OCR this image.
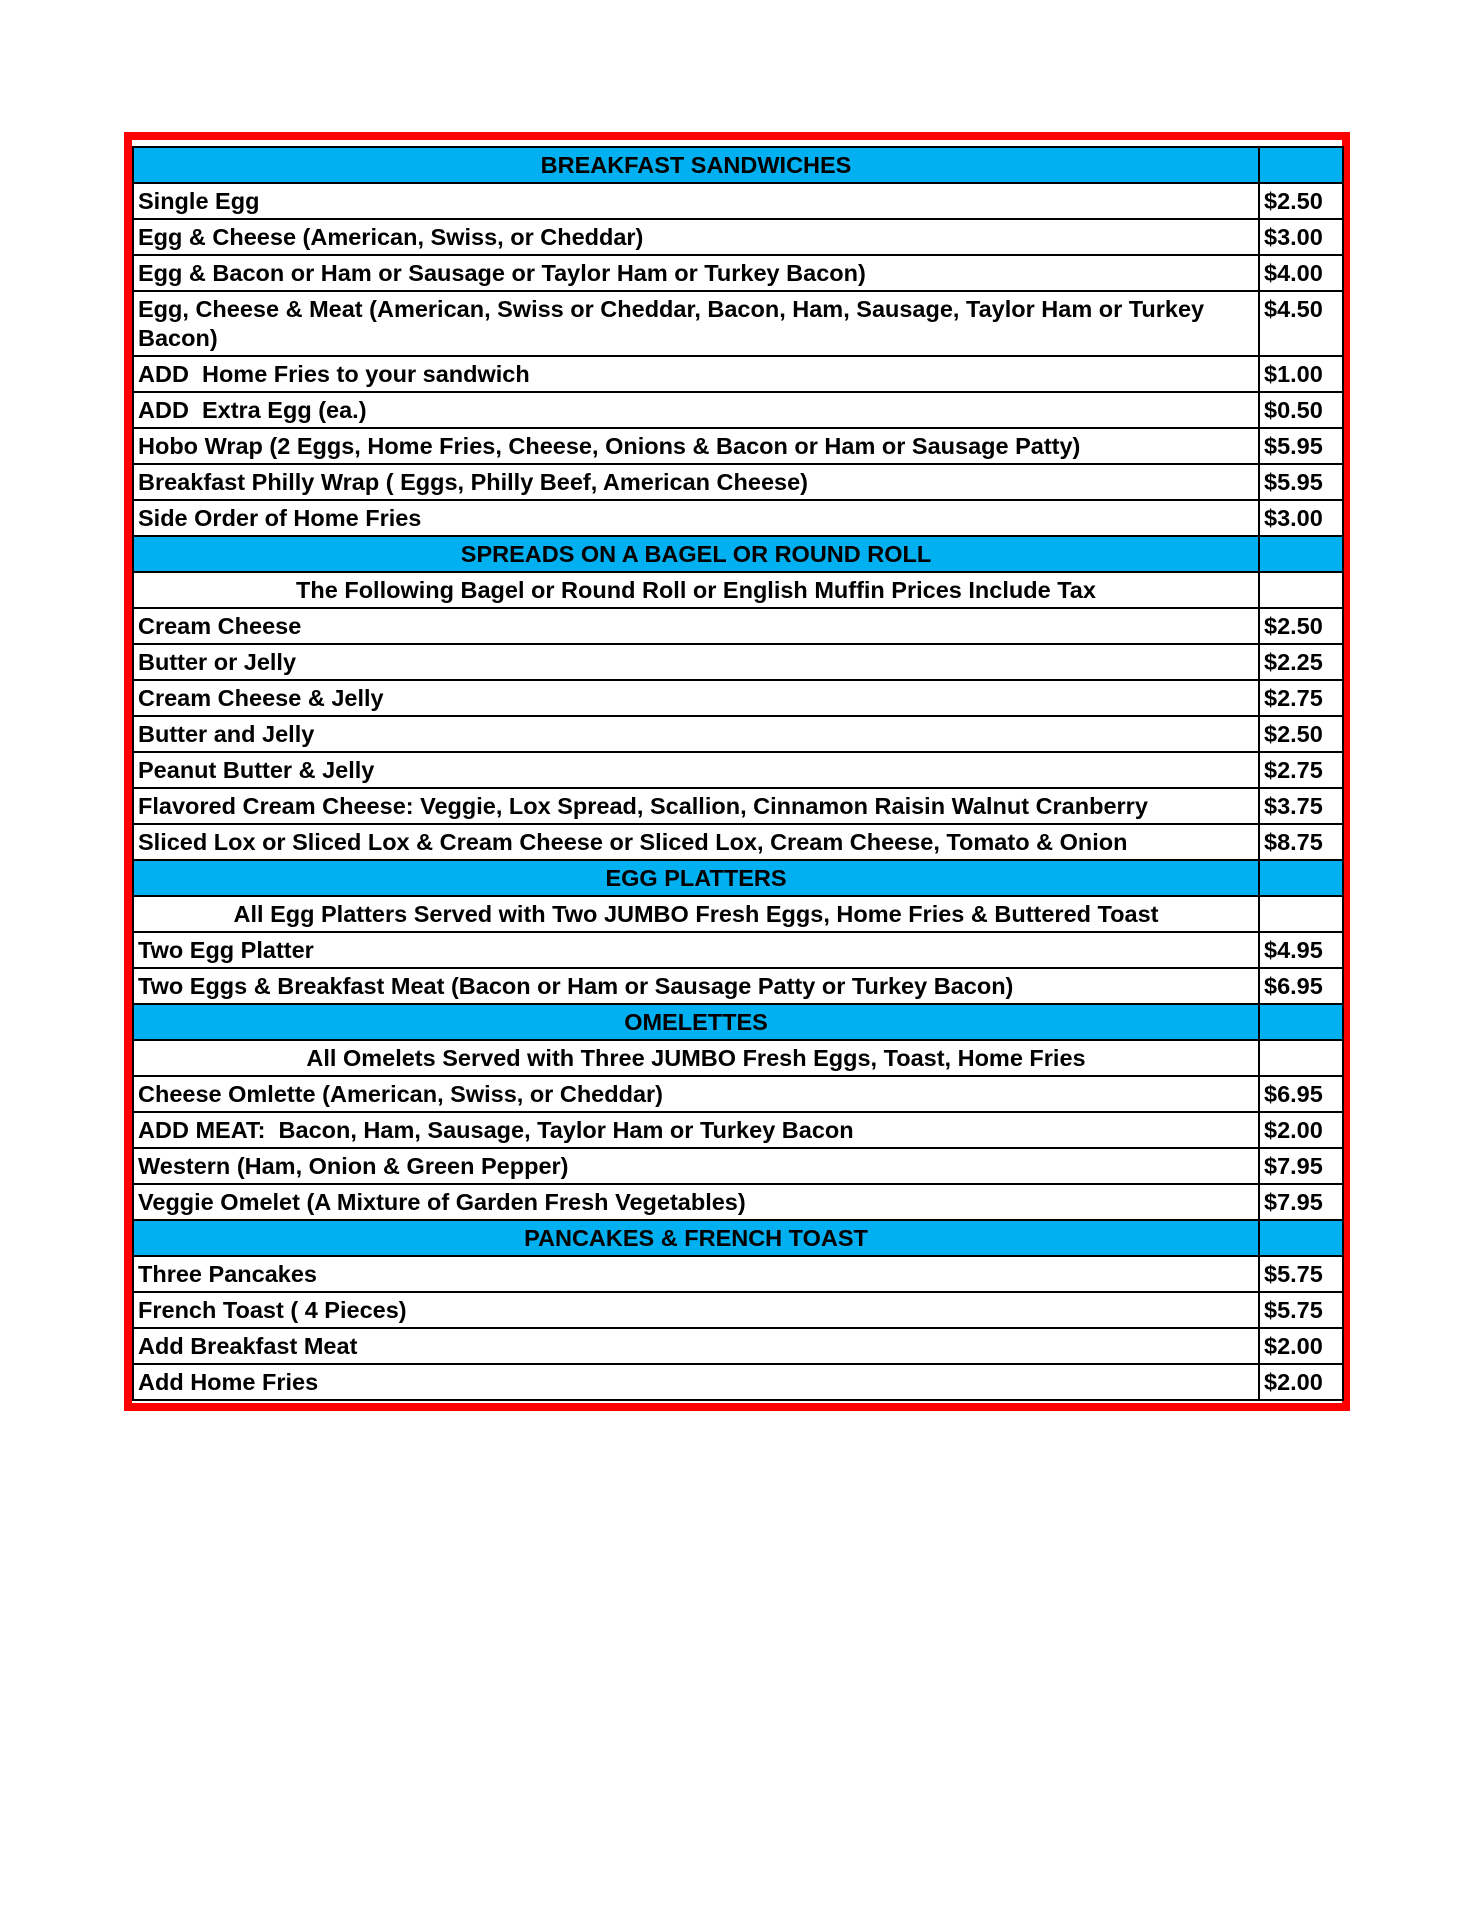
BREAKFAST SANDWICHES	
Single Egg	$2.50
Egg & Cheese (American, Swiss, or Cheddar)	$3.00
Egg & Bacon or Ham or Sausage or Taylor Ham or Turkey Bacon)	$4.00
Egg, Cheese & Meat (American, Swiss or Cheddar, Bacon, Ham, Sausage, Taylor Ham or Turkey Bacon)	$4.50
ADD  Home Fries to your sandwich	$1.00
ADD  Extra Egg (ea.)	$0.50
Hobo Wrap (2 Eggs, Home Fries, Cheese, Onions & Bacon or Ham or Sausage Patty)	$5.95
Breakfast Philly Wrap ( Eggs, Philly Beef, American Cheese)	$5.95
Side Order of Home Fries	$3.00
SPREADS ON A BAGEL OR ROUND ROLL	
The Following Bagel or Round Roll or English Muffin Prices Include Tax	
Cream Cheese	$2.50
Butter or Jelly	$2.25
Cream Cheese & Jelly	$2.75
Butter and Jelly	$2.50
Peanut Butter & Jelly	$2.75
Flavored Cream Cheese: Veggie, Lox Spread, Scallion, Cinnamon Raisin Walnut Cranberry	$3.75
Sliced Lox or Sliced Lox & Cream Cheese or Sliced Lox, Cream Cheese, Tomato & Onion	$8.75
EGG PLATTERS	
All Egg Platters Served with Two JUMBO Fresh Eggs, Home Fries & Buttered Toast	
Two Egg Platter	$4.95
Two Eggs & Breakfast Meat (Bacon or Ham or Sausage Patty or Turkey Bacon)	$6.95
OMELETTES	
All Omelets Served with Three JUMBO Fresh Eggs, Toast, Home Fries	
Cheese Omlette (American, Swiss, or Cheddar)	$6.95
ADD MEAT:  Bacon, Ham, Sausage, Taylor Ham or Turkey Bacon	$2.00
Western (Ham, Onion & Green Pepper)	$7.95
Veggie Omelet (A Mixture of Garden Fresh Vegetables)	$7.95
PANCAKES & FRENCH TOAST	
Three Pancakes	$5.75
French Toast ( 4 Pieces)	$5.75
Add Breakfast Meat	$2.00
Add Home Fries	$2.00
